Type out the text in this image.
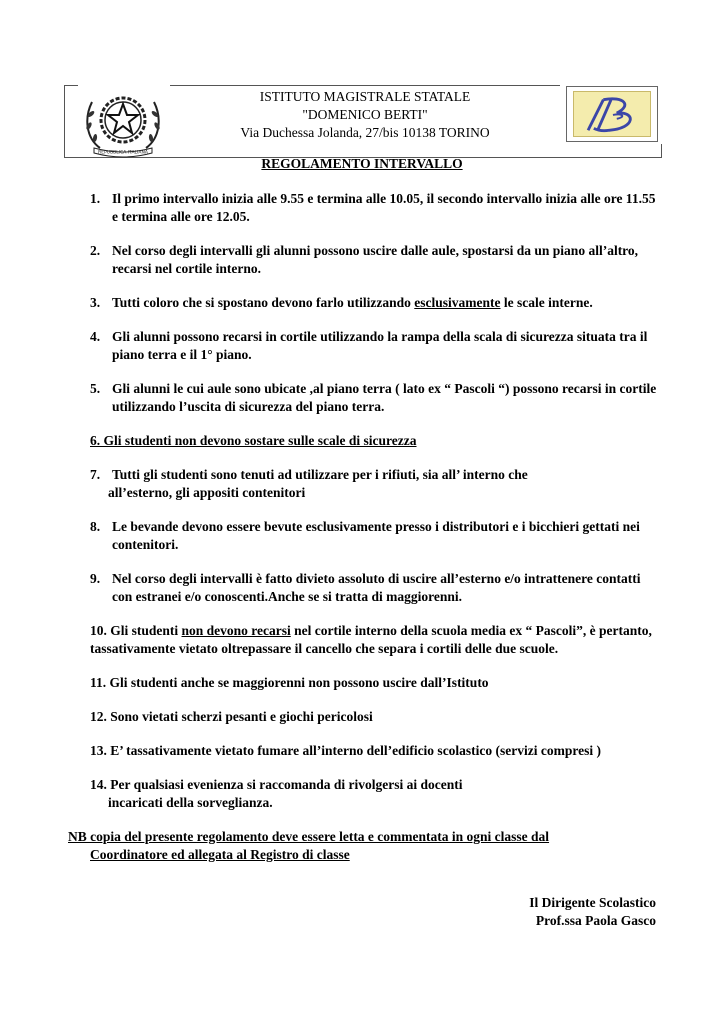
REPUBBLICA ITALIANA
ISTITUTO MAGISTRALE STATALE
"DOMENICO BERTI"
Via Duchessa Jolanda, 27/bis 10138 TORINO
REGOLAMENTO INTERVALLO
1. Il primo intervallo inizia alle 9.55 e termina alle 10.05, il secondo intervallo inizia alle ore 11.55 e termina alle ore 12.05.
2. Nel corso degli intervalli gli alunni possono uscire dalle aule, spostarsi da un piano all’altro, recarsi nel cortile interno.
3. Tutti coloro che si spostano devono farlo utilizzando esclusivamente le scale interne.
4. Gli alunni possono recarsi in cortile utilizzando la rampa della scala di sicurezza situata tra il piano terra e il 1° piano.
5. Gli alunni le cui aule sono ubicate ,al piano terra ( lato ex “ Pascoli “) possono recarsi in cortile utilizzando l’uscita di sicurezza del piano terra.
6. Gli studenti non devono sostare sulle scale di sicurezza
7. Tutti gli studenti sono tenuti ad utilizzare per i rifiuti, sia all’ interno che
all’esterno, gli appositi contenitori
8. Le bevande devono essere bevute esclusivamente presso i distributori e i bicchieri gettati nei contenitori.
9. Nel corso degli intervalli è fatto divieto assoluto di uscire all’esterno e/o intrattenere contatti con estranei e/o conoscenti.Anche se si tratta di maggiorenni.
10. Gli studenti non devono recarsi nel cortile interno della scuola media ex “ Pascoli”, è pertanto, tassativamente vietato oltrepassare il cancello che separa i cortili delle due scuole.
11. Gli studenti anche se maggiorenni non possono uscire dall’Istituto
12. Sono vietati scherzi pesanti e giochi pericolosi
13. E’ tassativamente vietato fumare all’interno dell’edificio scolastico (servizi compresi )
14. Per qualsiasi evenienza si raccomanda di rivolgersi ai docenti
incaricati della sorveglianza.
NB copia del presente regolamento deve essere letta e commentata in ogni classe dal
Coordinatore ed allegata al Registro di classe
Il Dirigente Scolastico
Prof.ssa Paola Gasco
